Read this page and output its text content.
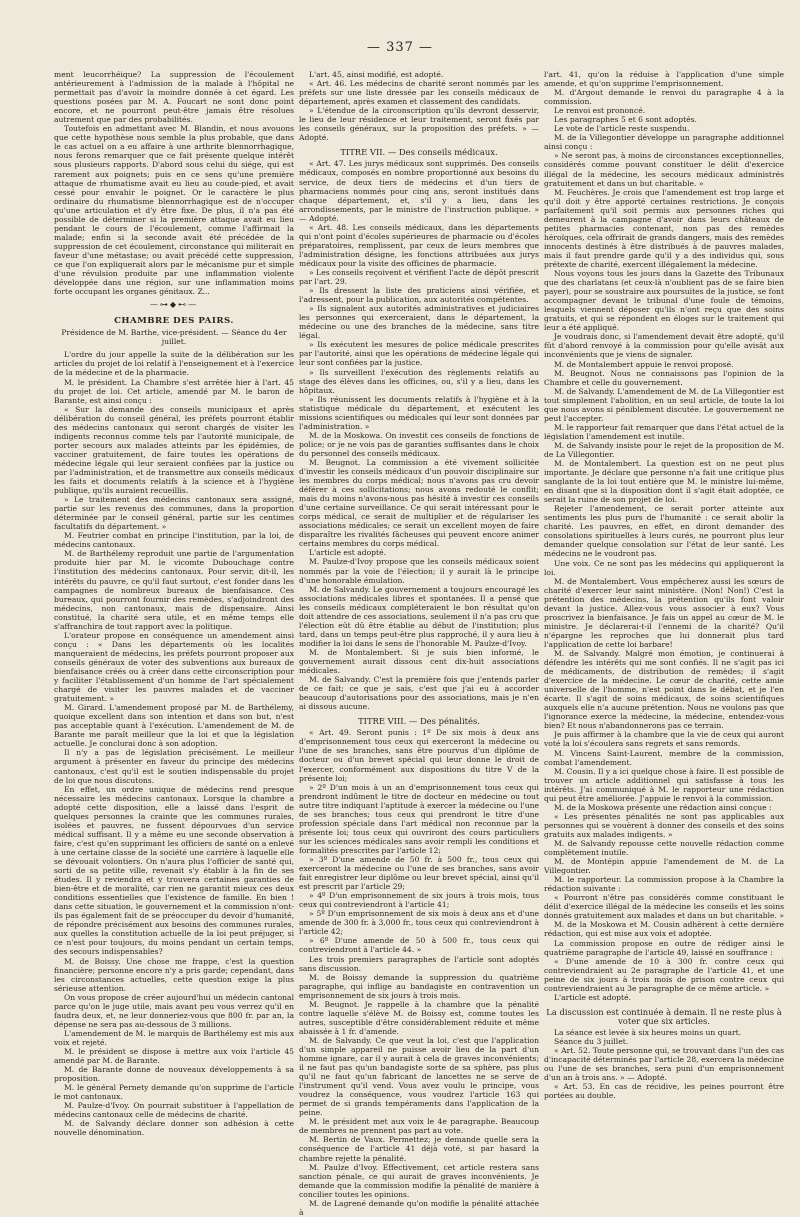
— 337 —

ment leucorrhéique? La suppression de l'écoulement antérieurement à l'admission de la malade à l'hôpital ne permettait pas d'avoir la moindre donnée à cet égard. Les questions posées par M. A. Foucart ne sont donc point encore, et ne pourront peut-être jamais être résolues autrement que par des probabilités.

Toutefois en admettant avec M. Blandin, et nous avouons que cette hypothèse nous semble la plus probable, que dans le cas actuel on a eu affaire à une arthrite blennorrhagique, nous ferons remarquer que ce fait présente quelque intérêt sous plusieurs rapports. D'abord sous celui du siége, qui est rarement aux poignets; puis en ce sens qu'une première attaque de rhumatisme avait eu lieu au coude-pied, et avait cessé pour envahir le poignet. Or le caractère le plus ordinaire du rhumatisme blennorrhagique est de n'occuper qu'une articulation et d'y être fixe. De plus, il n'a pas été possible de déterminer si la première attaque avait eu lieu pendant le cours de l'écoulement, comme l'affirmait la malade; enfin si la seconde avait été précédée de la suppression de cet écoulement, circonstance qui militerait en faveur d'une métastase; ou avait précédé cette suppression, ce que l'on expliquerait alors par le mécanisme pur et simple d'une révulsion produite par une inflammation violente développée dans une région, sur une inflammation moins forte occupant les organes génitaux. Z...

—⊶◆⊷—
CHAMBRE DES PAIRS.
Présidence de M. Barthe, vice-président. — Séance du 4er juillet.

L'ordre du jour appelle la suite de la délibération sur les articles du projet de loi relatif à l'enseignement et à l'exercice de la médecine et de la pharmacie.

M. le président. La Chambre s'est arrêtée hier à l'art. 45 du projet de loi. Cet article, amendé par M. le baron de Barante, est ainsi conçu :

« Sur la demande des conseils municipaux et après délibération du conseil général, les préfets pourront établir des médecins cantonaux qui seront chargés de visiter les indigents reconnus comme tels par l'autorité municipale, de porter secours aux malades atteints par les épidémies, de vacciner gratuitement, de faire toutes les opérations de médecine légale qui leur seraient confiées par la justice ou par l'administration, et de transmettre aux conseils médicaux les faits et documents relatifs à la science et à l'hygiène publique, qu'ils auraient recueillis.

» Le traitement des médecins cantonaux sera assigné, partie sur les revenus des communes, dans la proportion déterminée par le conseil général, partie sur les centimes facultatifs du département. »

M. Feutrier combat en principe l'institution, par la loi, de médecins cantonaux.

M. de Barthélemy reproduit une partie de l'argumentation produite hier par M. le vicomte Dubouchage contre l'institution des médecins cantonaux. Pour servir, dit-il, les intérêts du pauvre, ce qu'il faut surtout, c'est fonder dans les campagnes de nombreux bureaux de bienfaisance. Ces bureaux, qui pourront fournir des remèdes, s'adjoindront des médecins, non cantonaux, mais de dispensaire. Ainsi constitué, la charité sera utile, et en même temps elle s'affranchira de tout rapport avec la politique.

L'orateur propose en conséquence un amendement ainsi conçu : « Dans les départements où les localités manqueraient de médecins, les préfets pourront proposer aux conseils généraux de voter des subventions aux bureaux de bienfaisance créés ou à créer dans cette circonscription pour y faciliter l'établissement d'un homme de l'art spécialement chargé de visiter les pauvres malades et de vacciner gratuitement. »

M. Girard. L'amendement proposé par M. de Barthélemy, quoique excellent dans son intention et dans son but, n'est pas acceptable quant à l'exécution. L'amendement de M. de Barante me paraît meilleur que la loi et que la législation actuelle. Je conclurai donc à son adoption.

Il n'y a pas de législation précisément. Le meilleur argument à présenter en faveur du principe des médecins cantonaux, c'est qu'il est le soutien indispensable du projet de loi que nous discutons.

En effet, un ordre unique de médecins rend presque nécessaire les médecins cantonaux. Lorsque la chambre a adopté cette disposition, elle a laissé dans l'esprit de quelques personnes la crainte que les communes rurales, isolées et pauvres, ne fussent dépourvues d'un service médical suffisant. Il y a même eu une seconde observation à faire, c'est qu'en supprimant les officiers de santé on a enlevé à une certaine classe de la société une carrière à laquelle elle se dévouait volontiers. On n'aura plus l'officier de santé qui, sorti de sa petite ville, revenait s'y établir à la fin de ses études. Il y reviendra et y trouvera certaines garanties de bien-être et de moralité, car rien ne garantit mieux ces deux conditions essentielles que l'existence de famille. En bien ! dans cette situation, le gouvernement et la commission n'ont-ils pas également fait de se préoccuper du devoir d'humanité, de répondre précisément aux besoins des communes rurales, aux quelles la constitution actuelle de la loi peut préjuger, si ce n'est pour toujours, du moins pendant un certain temps, des secours indispensables?

M. de Boissy. Une chose me frappe, c'est la question financière; personne encore n'y a pris garde; cependant, dans les circonstances actuelles, cette question exige la plus sérieuse attention.

On vous propose de créer aujourd'hui un médecin cantonal parce qu'on le juge utile, mais avant peu vous verrez qu'il en faudra deux, et, ne leur donneriez-vous que 800 fr. par an, la dépense ne sera pas au-dessous de 3 millions.

L'amendement de M. le marquis de Barthélemy est mis aux voix et rejeté.

M. le président se dispose à mettre aux voix l'article 45 amendé par M. de Barante.

M. de Barante donne de nouveaux développements à sa proposition.

M. le général Pernety demande qu'on supprime de l'article le mot cantonaux.

M. Paulze-d'Ivoy. On pourrait substituer à l'appellation de médecins cantonaux celle de médecins de charité.

M. de Salvandy déclare donner son adhésion à cette nouvelle dénomination.

L'art. 45, ainsi modifié, est adopté.

« Art. 46. Les médecins de charité seront nommés par les préfets sur une liste dressée par les conseils médicaux de département, après examen et classement des candidats.

» L'étendue de la circonscription qu'ils devront desservir, le lieu de leur résidence et leur traitement, seront fixés par les conseils généraux, sur la proposition des préfets. » — Adopté.

TITRE VII. — Des conseils médicaux.

« Art. 47. Les jurys médicaux sont supprimés. Des conseils médicaux, composés en nombre proportionné aux besoins du service, de deux tiers de médecins et d'un tiers de pharmaciens nommés pour cinq ans, seront institués dans chaque département, et, s'il y a lieu, dans les arrondissements, par le ministre de l'instruction publique. » — Adopté.

« Art. 48. Les conseils médicaux, dans les départements qui n'ont point d'écoles supérieures de pharmacie ou d'écoles préparatoires, remplissent, par ceux de leurs membres que l'administration désigne, les fonctions attribuées aux jurys médicaux pour la visite des officines de pharmacie.

» Les conseils reçoivent et vérifient l'acte de dépôt prescrit par l'art. 29.

» Ils dressent la liste des praticiens ainsi vérifiée, et l'adressent, pour la publication, aux autorités compétentes.

» Ils signalent aux autorités administratives et judiciaires les personnes qui exerceraient, dans le département, la médecine ou une des branches de la médecine, sans titre légal.

» Ils exécutent les mesures de police médicale prescrites par l'autorité, ainsi que les opérations de médecine légale qui leur sont confiées par la justice.

» Ils surveillent l'exécution des règlements relatifs au stage des élèves dans les officines, ou, s'il y a lieu, dans les hôpitaux.

» Ils réunissent les documents relatifs à l'hygiène et à la statistique médicale du département, et exécutent les missions scientifiques ou médicales qui leur sont données par l'administration. »

M. de la Moskowa. On investit ces conseils de fonctions de police; or je ne vois pas de garanties suffisantes dans le choix du personnel des conseils médicaux.

M. Beugnot. La commission a été vivement sollicitée d'investir les conseils médicaux d'un pouvoir disciplinaire sur les membres du corps médical; nous n'avons pas cru devoir déférer à ces sollicitations; nous avons redouté le conflit; mais du moins n'avons-nous pas hésité à investir ces conseils d'une certaine surveillance. Ce qui serait intéressant pour le corps médical, ce serait de multiplier et de régulariser les associations médicales; ce serait un excellent moyen de faire disparaître les rivalités fâcheuses qui peuvent encore animer certains membres du corps médical.

L'article est adopté.

M. Paulze-d'Ivoy propose que les conseils médicaux soient nommés par la voie de l'élection; il y aurait là le principe d'une honorable émulation.

M. de Salvandy. Le gouvernement a toujours encouragé les associations médicales libres et spontanées. Il a pensé que les conseils médicaux compléteraient le bon résultat qu'on doit attendre de ces associations, seulement il n'a pas cru que l'élection eût dû être établie au début de l'institution; plus tard, dans un temps peut-être plus rapproché, il y aura lieu à modifier la loi dans le sens de l'honorable M. Paulze-d'Ivoy.

M. de Montalembert. Si je suis bien informé, le gouvernement aurait dissous cent dix-huit associations médicales.

M. de Salvandy. C'est la première fois que j'entends parler de ce fait; ce que je sais, c'est que j'ai eu à accorder beaucoup d'autorisations pour des associations, mais je n'en ai dissous aucune.

TITRE VIII. — Des pénalités.

« Art. 49. Seront punis : 1º De six mois à deux ans d'emprisonnement tous ceux qui exerceront la médecine ou l'une de ses branches, sans être pourvus d'un diplôme de docteur ou d'un brevet spécial qui leur donne le droit de l'exercer, conformément aux dispositions du titre V de la présente loi;

» 2º D'un mois à un an d'emprisonnement tous ceux qui prendront indûment le titre de docteur en médecine ou tout autre titre indiquant l'aptitude à exercer la médecine ou l'une de ses branches; tous ceux qui prendront le titre d'une profession spéciale dans l'art médical non reconnue par la présente loi; tous ceux qui ouvriront des cours particuliers sur les sciences médicales sans avoir rempli les conditions et formalités prescrites par l'article 12;

» 3º D'une amende de 50 fr. à 500 fr., tous ceux qui exerceront la médecine ou l'une de ses branches, sans avoir fait enregistrer leur diplôme ou leur brevet spécial, ainsi qu'il est prescrit par l'article 29;

» 4º D'un emprisonnement de six jours à trois mois, tous ceux qui contreviendront à l'article 41;

» 5º D'un emprisonnement de six mois à deux ans et d'une amende de 300 fr. à 3,000 fr., tous ceux qui contreviendront à l'article 42;

» 6º D'une amende de 50 à 500 fr., tous ceux qui contreviendront à l'article 44. »

Les trois premiers paragraphes de l'article sont adoptés sans discussion.

M. de Boissy demande la suppression du quatrième paragraphe, qui inflige au bandagiste en contravention un emprisonnement de six jours à trois mois.

M. Beugnot. Je rappelle à la chambre que la pénalité contre laquelle s'élève M. de Boissy est, comme toutes les autres, susceptible d'être considérablement réduite et même abaissée à 1 fr. d'amende.

M. de Salvandy. Ce que veut la loi, c'est que l'application d'un simple appareil ne puisse avoir lieu de la part d'un homme ignare, car il y aurait à cela de graves inconvénients; il ne faut pas qu'un bandagiste sorte de sa sphère, pas plus qu'il ne faut qu'un fabricant de lancettes ne se serve de l'instrument qu'il vend. Vous avez voulu le principe, vous voudrez la conséquence, vous voudrez l'article 163 qui permet de si grands tempéraments dans l'application de la peine.

M. le président met aux voix le 4e paragraphe. Beaucoup de membres ne prennent pas part au vote.

M. Bertin de Vaux. Permettez; je demande quelle sera la conséquence de l'article 41 déjà voté, si par hasard la chambre rejette la pénalité.

M. Paulze d'Ivoy. Effectivement, cet article restera sans sanction pénale, ce qui aurait de graves inconvénients. Je demande que la commission modifie la pénalité de manière à concilier toutes les opinions.

M. de Lagrené demande qu'on modifie la pénalité attachée à

l'art. 41, qu'on la réduise à l'application d'une simple amende, et qu'on supprime l'emprisonnement.

M. d'Argout demande le renvoi du paragraphe 4 à la commission.

Le renvoi est prononcé.

Les paragraphes 5 et 6 sont adoptés.

Le vote de l'article reste suspendu.

M. de la Villegontier développe un paragraphe additionnel ainsi conçu :

» Ne seront pas, à moins de circonstances exceptionnelles, considérés comme pouvant constituer le délit d'exercice illégal de la médecine, les secours médicaux administrés gratuitement et dans un but charitable. »

M. Feuchères. Je crois que l'amendement est trop large et qu'il doit y être apporté certaines restrictions. Je conçois parfaitement qu'il soit permis aux personnes riches qui demeurent à la campagne d'avoir dans leurs châteaux de petites pharmacies contenant, non pas des remèdes héroïques, cela offrirait de grands dangers, mais des remèdes innocents destinés à être distribués à de pauvres malades, mais il faut prendre garde qu'il y a des individus qui, sous prétexte de charité, exercent illégalement la médecine.

Nous voyons tous les jours dans la Gazette des Tribunaux que des charlatans (et ceux-là n'oublient pas de se faire bien payer), pour se soustraire aux poursuites de la justice, se font accompagner devant le tribunal d'une foule de témoins, lesquels viennent déposer qu'ils n'ont reçu que des soins gratuits, et qui se répondent en éloges sur le traitement qui leur a été appliqué.

Je voudrais donc, si l'amendement devait être adopté, qu'il fût d'abord renvoyé à la commission pour qu'elle avisât aux inconvénients que je viens de signaler.

M. de Montalembert appuie le renvoi proposé.

M. Beugnot. Nous ne connaissons pas l'opinion de la Chambre et celle du gouvernement.

M. de Salvandy. L'amendement de M. de La Villegontier est tout simplement l'abolition, en un seul article, de toute la loi que nous avons si péniblement discutée. Le gouvernement ne peut l'accepter.

M. le rapporteur fait remarquer que dans l'état actuel de la législation l'amendement est inutile.

M. de Salvandy insiste pour le rejet de la proposition de M. de La Villegontier.

M. de Montalembert. La question est on ne peut plus importante. Je déclare que personne n'a fait une critique plus sanglante de la loi tout entière que M. le ministre lui-même, en disant que si la disposition dont il s'agit était adoptée, ce serait la ruine de son projet de loi.

Rejeter l'amendement, ce serait porter atteinte aux sentiments les plus purs de l'humanité : ce serait abolir la charité. Les pauvres, en effet, en diront demander des consolations spirituelles à leurs curés, ne pourront plus leur demander quelque consolation sur l'état de leur santé. Les médecins ne le voudront pas.

Une voix. Ce ne sont pas les médecins qui appliqueront la loi.

M. de Montalembert. Vous empêcherez aussi les sœurs de charité d'exercer leur saint ministère. (Non! Non!) C'est la prétention des médecins, la prétention qu'ils font valoir devant la justice. Allez-vous vous associer à eux? Vous proscrivez la bienfaisance. Je fais un appel au cœur de M. le ministre. Je déclarerai-t-il l'ennemi de la charité? Qu'il n'épargne les reproches que lui donnerait plus tard l'application de cette loi barbare!

M. de Salvandy. Malgré mon émotion, je continuerai à défendre les intérêts qui me sont confiés. Il ne s'agit pas ici de médicaments, de distribution de remèdes; il s'agit d'exercice de la médecine. Le cœur de charité, cette amie universelle de l'homme, n'est point dans le débat, et je l'en écarte. Il s'agit de soins médicaux, de soins scientifiques auxquels elle n'a aucune prétention. Nous ne voulons pas que l'ignorance exerce la médecine, la médecine, entendez-vous bien? Et nous n'abandonnerons pas ce terrain.

Je puis affirmer à la chambre que la vie de ceux qui auront voté la loi s'écoulera sans regrets et sans remords.

M. Vincens Saint-Laurent, membre de la commission, combat l'amendement.

M. Cousin. Il y a ici quelque chose à faire. Il est possible de trouver un article additionnel qui satisfasse à tous les intérêts. J'ai communiqué à M. le rapporteur une rédaction qui peut être améliorée. J'appuie le renvoi à la commission.

M. de la Moskowa présente une rédaction ainsi conçue :

« Les présentes pénalités ne sont pas applicables aux personnes qui se vouèrent à donner des conseils et des soins gratuits aux malades indigents. »

M. de Salvandy repousse cette nouvelle rédaction comme complètement inutile.

M. de Montépin appuie l'amendement de M. de La Villegontier.

M. le rapporteur. La commission propose à la Chambre la rédaction suivante :

« Pourront n'être pas considérés comme constituant le délit d'exercice illégal de la médecine les conseils et les soins donnés gratuitement aux malades et dans un but charitable. »

M. de la Moskowa et M. Cousin adhèrent à cette dernière rédaction, qui est mise aux voix et adoptée.

La commission propose en outre de rédiger ainsi le quatrième paragraphe de l'article 49, laissé en souffrance :

« D'une amende de 10 à 300 fr. contre ceux qui contreviendraient au 2e paragraphe de l'article 41, et une peine de six jours à trois mois de prison contre ceux qui contreviendraient au 3e paragraphe de ce même article. »

L'article est adopté.

La discussion est continuée à demain. Il ne reste plus à voter que six articles.

La séance est levée à six heures moins un quart.

Séance du 3 juillet.

« Art. 52. Toute personne qui, se trouvant dans l'un des cas d'incapacité déterminés par l'article 28, exercera la médecine ou l'une de ses branches, sera puni d'un emprisonnement d'un an à trois ans. » — Adopté.

« Art. 53. En cas de récidive, les peines pourront être portées au double.
